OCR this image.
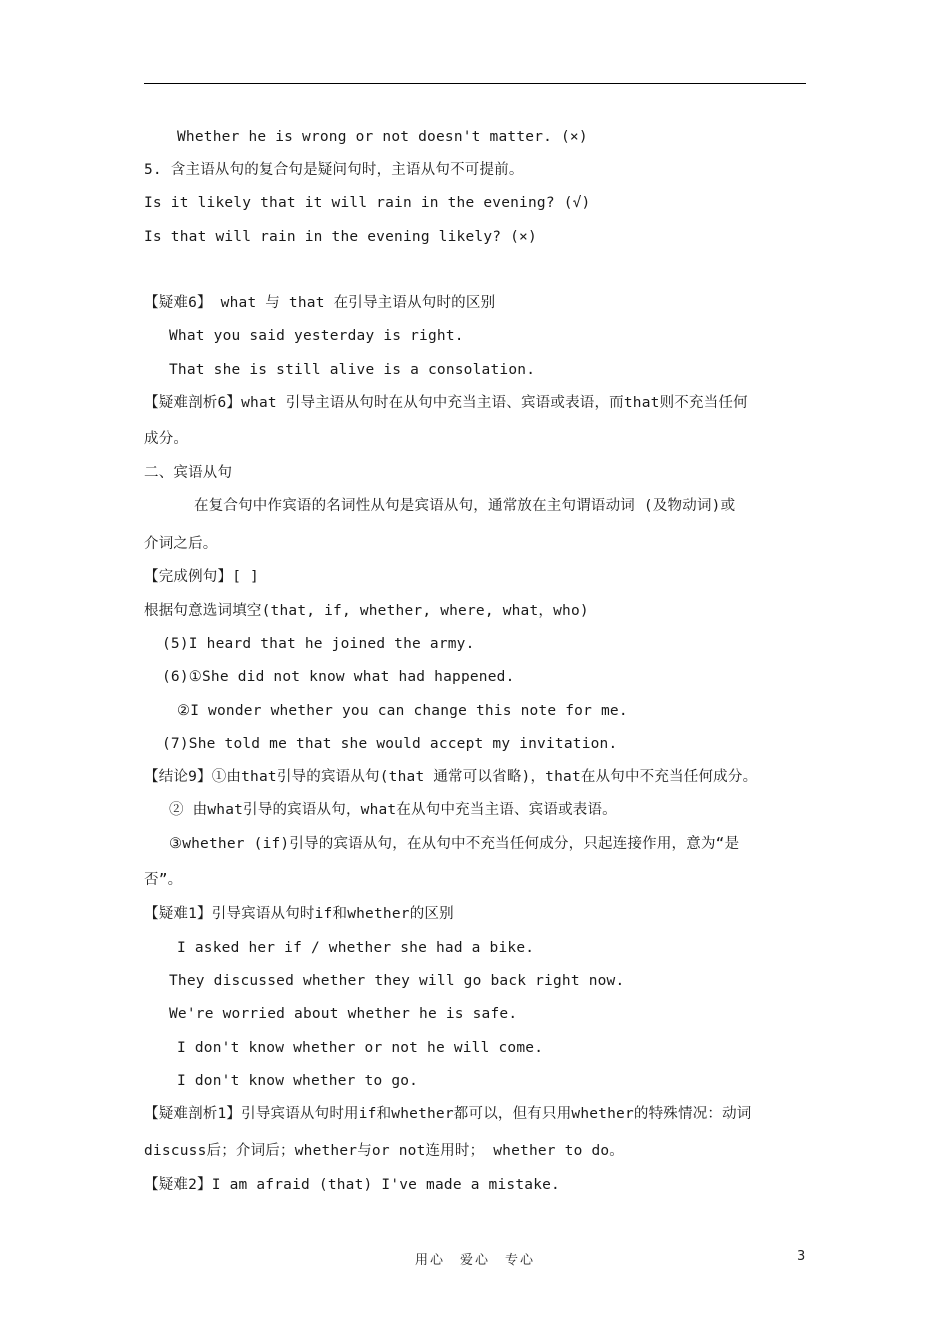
Whether he is wrong or not doesn't matter. (×)
5. 含主语从句的复合句是疑问句时，主语从句不可提前。
Is it likely that it will rain in the evening? (√)
Is that will rain in the evening likely? (×)
【疑难6】 what 与 that 在引导主语从句时的区别
What you said yesterday is right.
That she is still alive is a consolation.
【疑难剖析6】what 引导主语从句时在从句中充当主语、宾语或表语，而that则不充当任何
成分。
二、宾语从句
在复合句中作宾语的名词性从句是宾语从句，通常放在主句谓语动词 (及物动词)或
介词之后。
【完成例句】[ ]
根据句意选词填空(that, if, whether, where, what，who)
(5)I heard that he joined the army.
(6)①She did not know what had happened.
②I wonder whether you can change this note for me.
(7)She told me that she would accept my invitation.
【结论9】①由that引导的宾语从句(that 通常可以省略)，that在从句中不充当任何成分。
② 由what引导的宾语从句，what在从句中充当主语、宾语或表语。
③whether (if)引导的宾语从句，在从句中不充当任何成分，只起连接作用，意为“是
否”。
【疑难1】引导宾语从句时if和whether的区别
I asked her if / whether she had a bike.
They discussed whether they will go back right now.
We're worried about whether he is safe.
I don't know whether or not he will come.
I don't know whether to go.
【疑难剖析1】引导宾语从句时用if和whether都可以，但有只用whether的特殊情况：动词
discuss后；介词后；whether与or not连用时； whether to do。
【疑难2】I am afraid (that) I've made a mistake.
用心　爱心　专心	3
